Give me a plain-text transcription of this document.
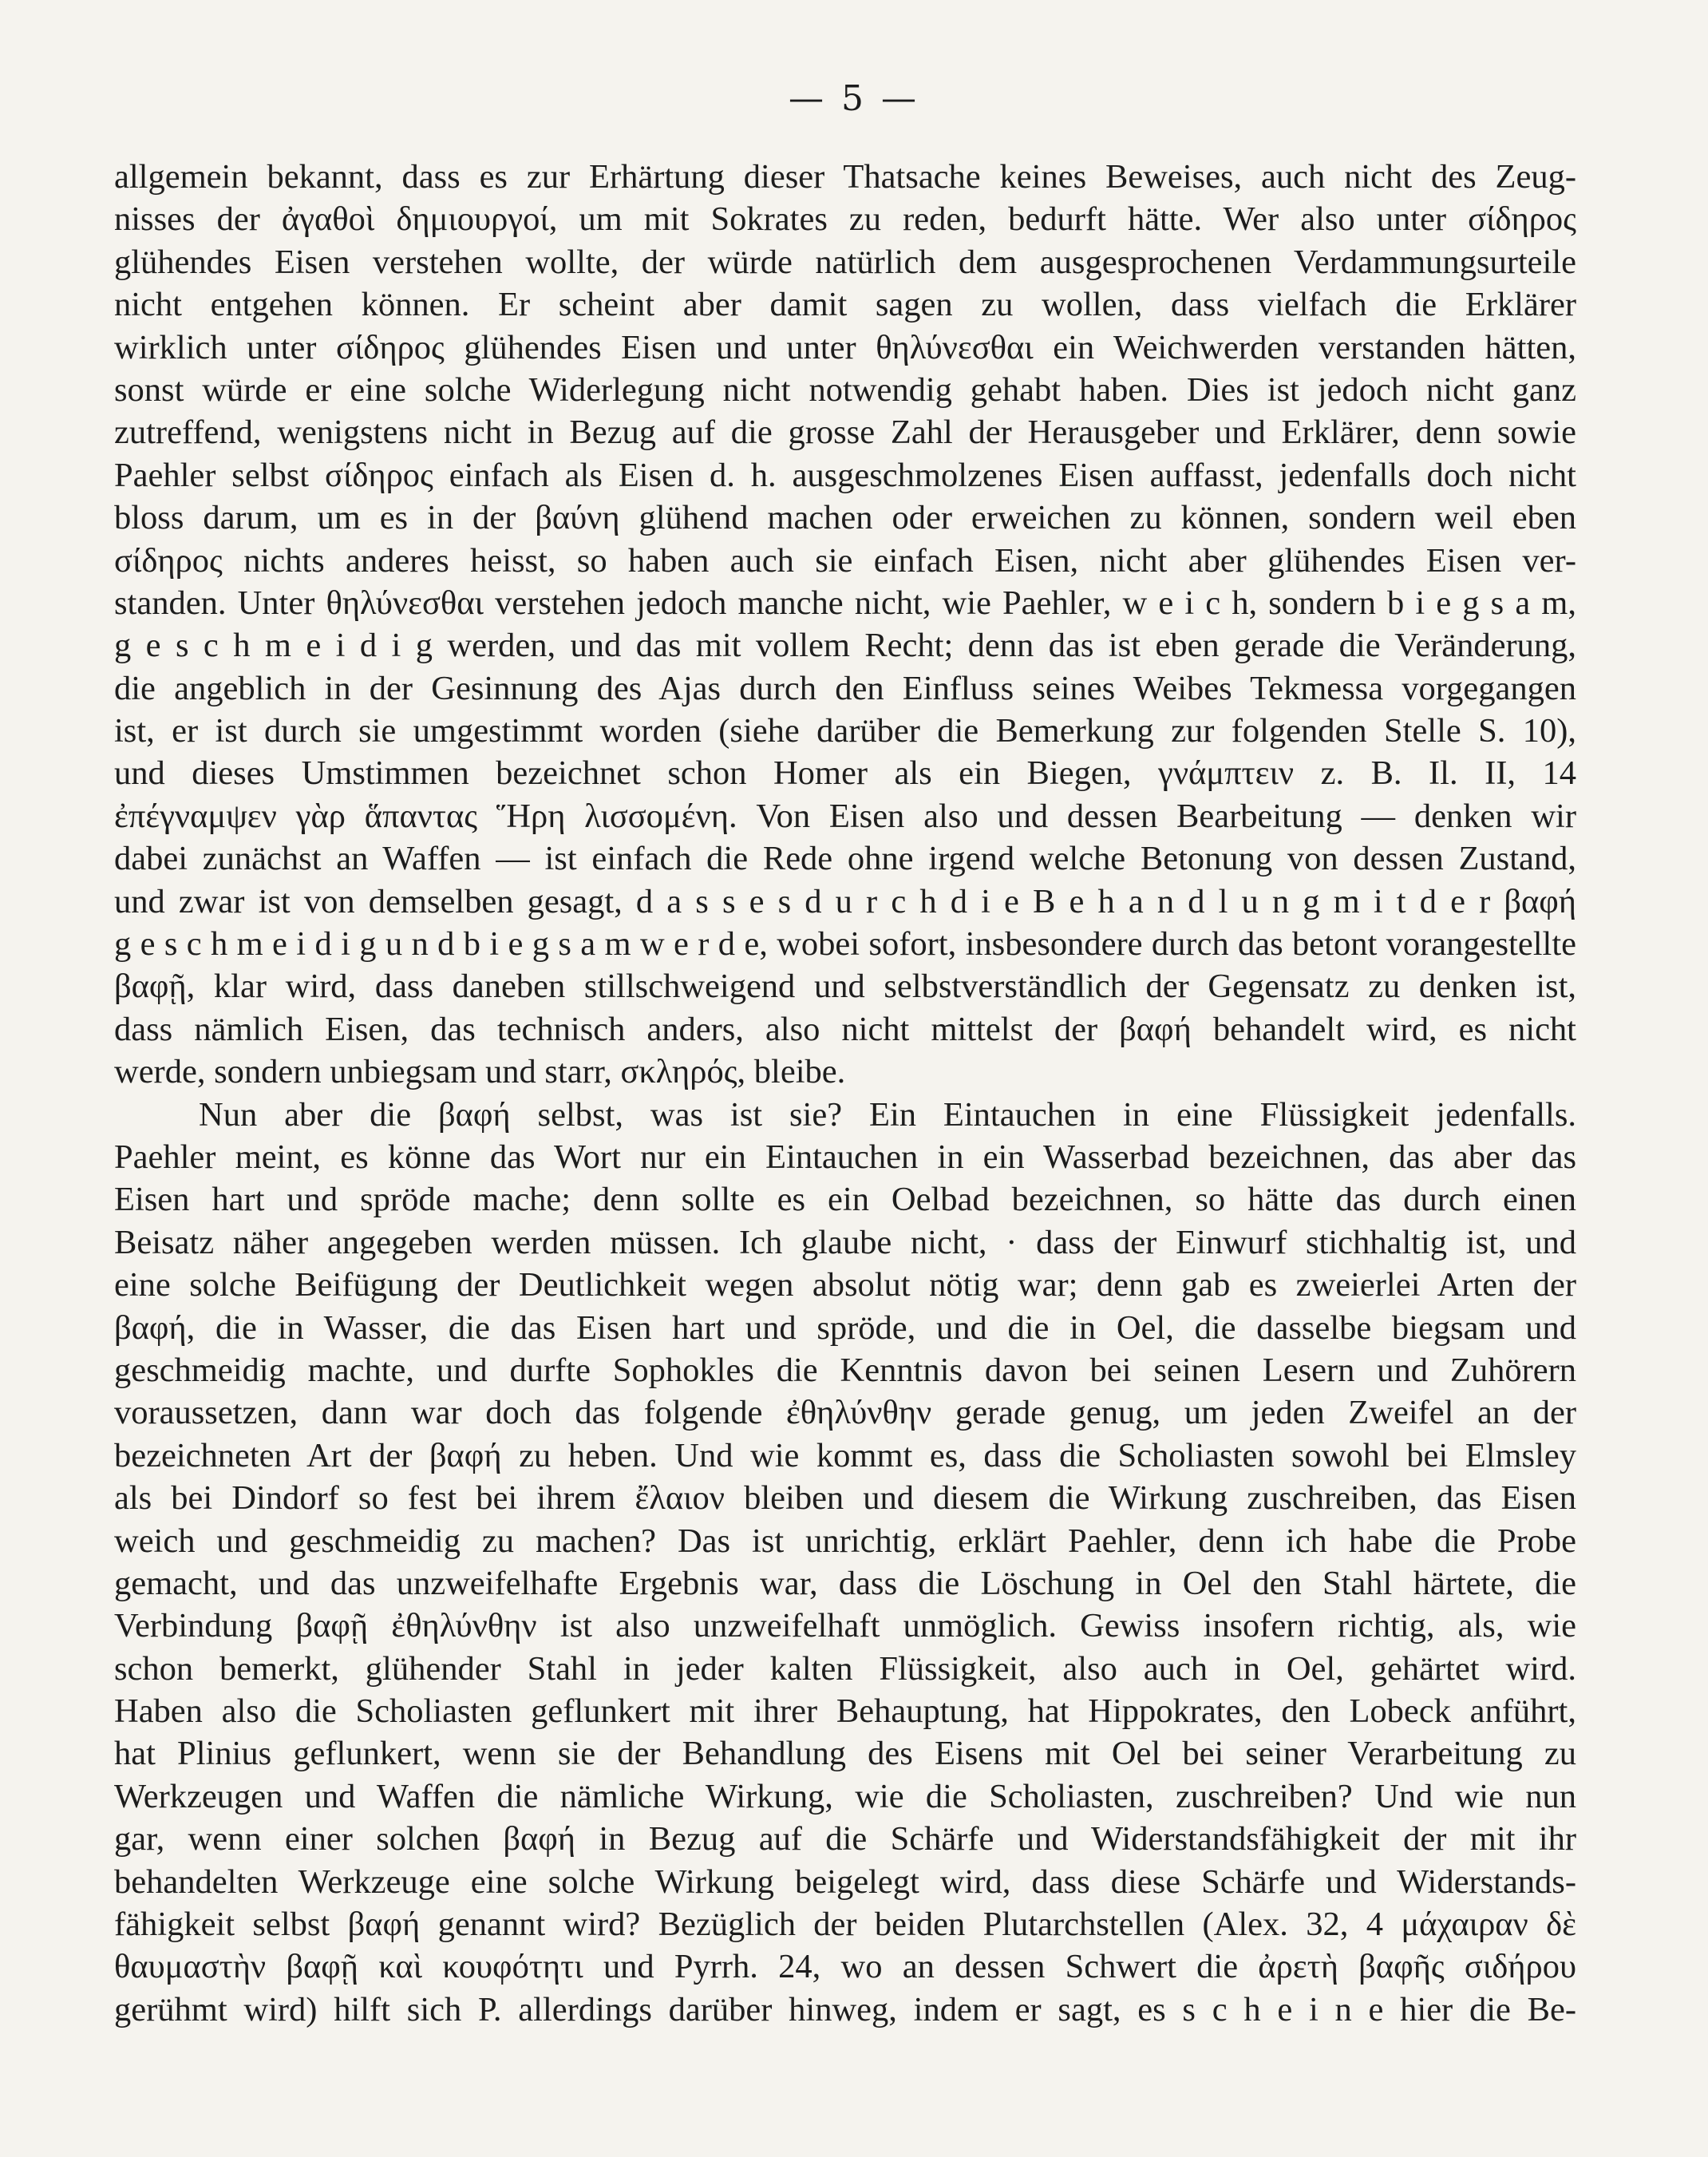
— 5 —
allgemein bekannt, dass es zur Erhärtung dieser Thatsache keines Beweises, auch nicht des Zeug-
nisses der ἀγαθοὶ δημιουργοί, um mit Sokrates zu reden, bedurft hätte. Wer also unter σίδηρος
glühendes Eisen verstehen wollte, der würde natürlich dem ausgesprochenen Verdammungsurteile
nicht entgehen können. Er scheint aber damit sagen zu wollen, dass vielfach die Erklärer
wirklich unter σίδηρος glühendes Eisen und unter θηλύνεσθαι ein Weichwerden verstanden hätten,
sonst würde er eine solche Widerlegung nicht notwendig gehabt haben. Dies ist jedoch nicht ganz
zutreffend, wenigstens nicht in Bezug auf die grosse Zahl der Herausgeber und Erklärer, denn sowie
Paehler selbst σίδηρος einfach als Eisen d. h. ausgeschmolzenes Eisen auffasst, jedenfalls doch nicht
bloss darum, um es in der βαύνη glühend machen oder erweichen zu können, sondern weil eben
σίδηρος nichts anderes heisst, so haben auch sie einfach Eisen, nicht aber glühendes Eisen ver-
standen. Unter θηλύνεσθαι verstehen jedoch manche nicht, wie Paehler, w e i c h, sondern b i e g s a m,
g e s c h m e i d i g werden, und das mit vollem Recht; denn das ist eben gerade die Veränderung,
die angeblich in der Gesinnung des Ajas durch den Einfluss seines Weibes Tekmessa vorgegangen
ist, er ist durch sie umgestimmt worden (siehe darüber die Bemerkung zur folgenden Stelle S. 10),
und dieses Umstimmen bezeichnet schon Homer als ein Biegen, γνάμπτειν z. B. Il. II, 14
ἐπέγναμψεν γὰρ ἅπαντας Ἥρη λισσομένη. Von Eisen also und dessen Bearbeitung — denken wir
dabei zunächst an Waffen — ist einfach die Rede ohne irgend welche Betonung von dessen Zustand,
und zwar ist von demselben gesagt, d a s s e s d u r c h d i e B e h a n d l u n g m i t d e r βαφή
g e s c h m e i d i g u n d b i e g s a m w e r d e, wobei sofort, insbesondere durch das betont vorangestellte
βαφῇ, klar wird, dass daneben stillschweigend und selbstverständlich der Gegensatz zu denken ist,
dass nämlich Eisen, das technisch anders, also nicht mittelst der βαφή behandelt wird, es nicht
werde, sondern unbiegsam und starr, σκληρός, bleibe.
Nun aber die βαφή selbst, was ist sie? Ein Eintauchen in eine Flüssigkeit jedenfalls.
Paehler meint, es könne das Wort nur ein Eintauchen in ein Wasserbad bezeichnen, das aber das
Eisen hart und spröde mache; denn sollte es ein Oelbad bezeichnen, so hätte das durch einen
Beisatz näher angegeben werden müssen. Ich glaube nicht, · dass der Einwurf stichhaltig ist, und
eine solche Beifügung der Deutlichkeit wegen absolut nötig war; denn gab es zweierlei Arten der
βαφή, die in Wasser, die das Eisen hart und spröde, und die in Oel, die dasselbe biegsam und
geschmeidig machte, und durfte Sophokles die Kenntnis davon bei seinen Lesern und Zuhörern
voraussetzen, dann war doch das folgende ἐθηλύνθην gerade genug, um jeden Zweifel an der
bezeichneten Art der βαφή zu heben. Und wie kommt es, dass die Scholiasten sowohl bei Elmsley
als bei Dindorf so fest bei ihrem ἔλαιον bleiben und diesem die Wirkung zuschreiben, das Eisen
weich und geschmeidig zu machen? Das ist unrichtig, erklärt Paehler, denn ich habe die Probe
gemacht, und das unzweifelhafte Ergebnis war, dass die Löschung in Oel den Stahl härtete, die
Verbindung βαφῇ ἐθηλύνθην ist also unzweifelhaft unmöglich. Gewiss insofern richtig, als, wie
schon bemerkt, glühender Stahl in jeder kalten Flüssigkeit, also auch in Oel, gehärtet wird.
Haben also die Scholiasten geflunkert mit ihrer Behauptung, hat Hippokrates, den Lobeck anführt,
hat Plinius geflunkert, wenn sie der Behandlung des Eisens mit Oel bei seiner Verarbeitung zu
Werkzeugen und Waffen die nämliche Wirkung, wie die Scholiasten, zuschreiben? Und wie nun
gar, wenn einer solchen βαφή in Bezug auf die Schärfe und Widerstandsfähigkeit der mit ihr
behandelten Werkzeuge eine solche Wirkung beigelegt wird, dass diese Schärfe und Widerstands-
fähigkeit selbst βαφή genannt wird? Bezüglich der beiden Plutarchstellen (Alex. 32, 4 μάχαιραν δὲ
θαυμαστὴν βαφῇ καὶ κουφότητι und Pyrrh. 24, wo an dessen Schwert die ἀρετὴ βαφῆς σιδήρου
gerühmt wird) hilft sich P. allerdings darüber hinweg, indem er sagt, es s c h e i n e hier die Be-
